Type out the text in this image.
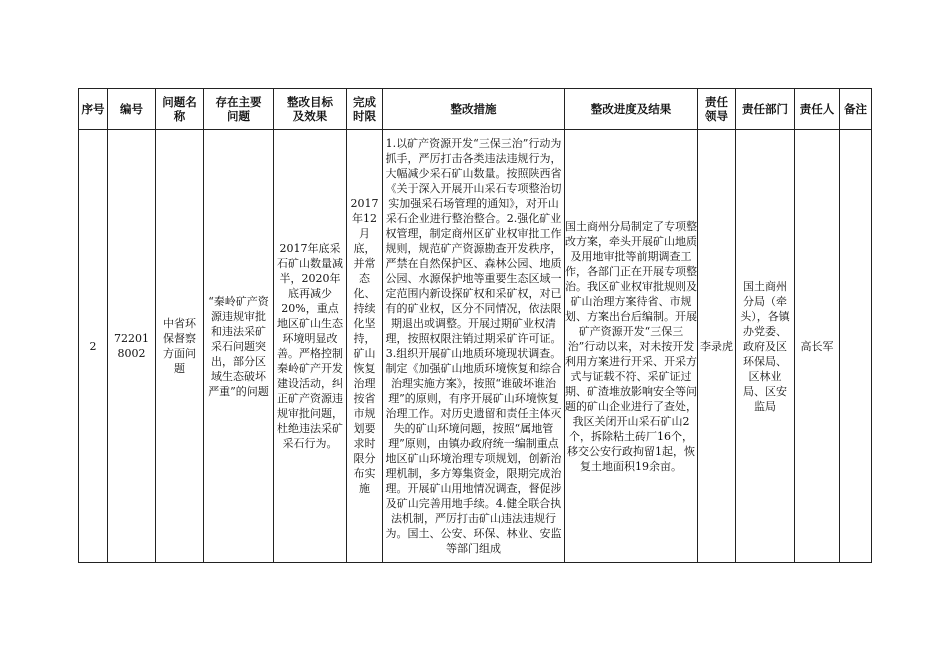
序号	编号	问题名称	存在主要问题	整改目标及效果	完成时限	整改措施	整改进度及结果	责任领导	责任部门	责任人	备注
2	722018002	中省环保督察方面问题	“秦岭矿产资源违规审批和违法采矿采石问题突出，部分区域生态破坏严重”的问题	2017年底采石矿山数量减半，2020年底再减少20%，重点地区矿山生态环境明显改善。严格控制秦岭矿产开发建设活动，纠正矿产资源违规审批问题，杜绝违法采矿采石行为。	2017年12月底，并常态化、持续化坚持，矿山恢复治理按省市规划要求时限分布实施	1.以矿产资源开发“三保三治”行动为抓手，严厉打击各类违法违规行为，大幅减少采石矿山数量。按照陕西省《关于深入开展开山采石专项整治切实加强采石场管理的通知》，对开山采石企业进行整治整合。2.强化矿业权管理，制定商州区矿业权审批工作规则，规范矿产资源勘查开发秩序，严禁在自然保护区、森林公园、地质公园、水源保护地等重要生态区域一定范围内新设探矿权和采矿权，对已有的矿业权，区分不同情况，依法限期退出或调整。开展过期矿业权清理，按照权限注销过期采矿许可证。3.组织开展矿山地质环境现状调查。制定《加强矿山地质环境恢复和综合治理实施方案》，按照“谁破坏谁治理”的原则，有序开展矿山环境恢复治理工作。对历史遗留和责任主体灭失的矿山环境问题，按照“属地管理”原则，由镇办政府统一编制重点地区矿山环境治理专项规划，创新治理机制，多方筹集资金，限期完成治理。开展矿山用地情况调查，督促涉及矿山完善用地手续。4.健全联合执法机制，严厉打击矿山违法违规行为。国土、公安、环保、林业、安监等部门组成	国土商州分局制定了专项整改方案，牵头开展矿山地质及用地审批等前期调查工作，各部门正在开展专项整治。我区矿业权审批规则及矿山治理方案待省、市规划、方案出台后编制。开展矿产资源开发“三保三治”行动以来，对未按开发利用方案进行开采、开采方式与证载不符、采矿证过期、矿渣堆放影响安全等问题的矿山企业进行了查处，我区关闭开山采石矿山2个，拆除粘土砖厂16个，移交公安行政拘留1起，恢复土地面积19余亩。	李录虎	国土商州分局（牵头），各镇办党委、政府及区环保局、区林业局、区安监局	高长军	
